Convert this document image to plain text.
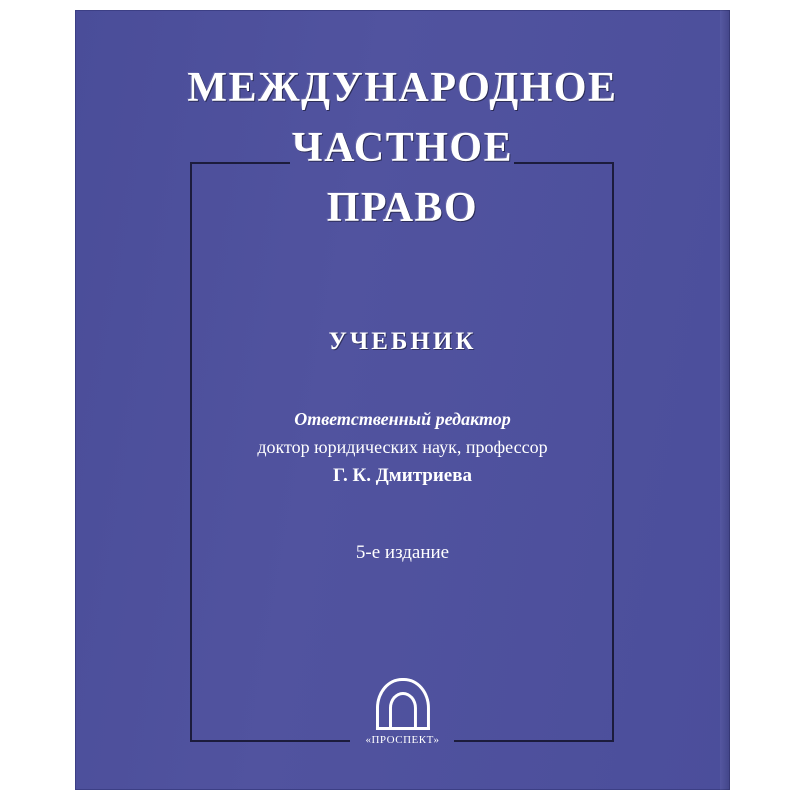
МЕЖДУНАРОДНОЕ
ЧАСТНОЕ
ПРАВО
УЧЕБНИК
Ответственный редактор
доктор юридических наук, профессор
Г. К. Дмитриева
5-е издание
«ПРОСПЕКТ»
